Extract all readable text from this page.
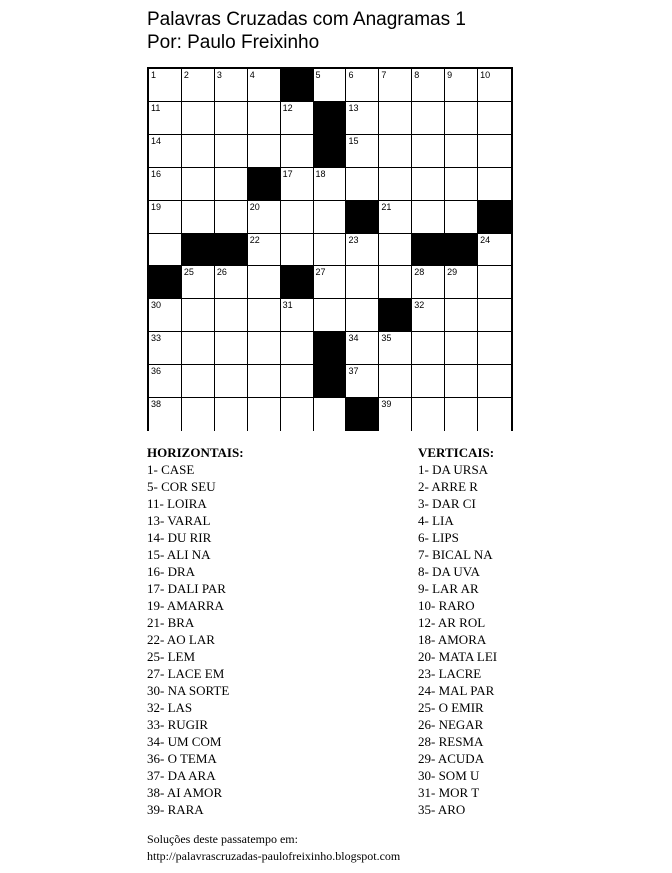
Palavras Cruzadas com Anagramas 1
Por: Paulo Freixinho
1	2	3	4	5	6	7	8	9	10
11	12	13
14	15
16	17	18
19	20	21
22	23	24
25	26	27	28	29
30	31	32
33	34	35
36	37
38	39
HORIZONTAIS:
1- CASE
5- COR SEU
11- LOIRA
13- VARAL
14- DU RIR
15- ALI NA
16- DRA
17- DALI PAR
19- AMARRA
21- BRA
22- AO LAR
25- LEM
27- LACE EM
30- NA SORTE
32- LAS
33- RUGIR
34- UM COM
36- O TEMA
37- DA ARA
38- AI AMOR
39- RARA
VERTICAIS:
1- DA URSA
2- ARRE R
3- DAR CI
4- LIA
6- LIPS
7- BICAL NA
8- DA UVA
9- LAR AR
10- RARO
12- AR ROL
18- AMORA
20- MATA LEI
23- LACRE
24- MAL PAR
25- O EMIR
26- NEGAR
28- RESMA
29- ACUDA
30- SOM U
31- MOR T
35- ARO
Soluções deste passatempo em:
http://palavrascruzadas-paulofreixinho.blogspot.com
